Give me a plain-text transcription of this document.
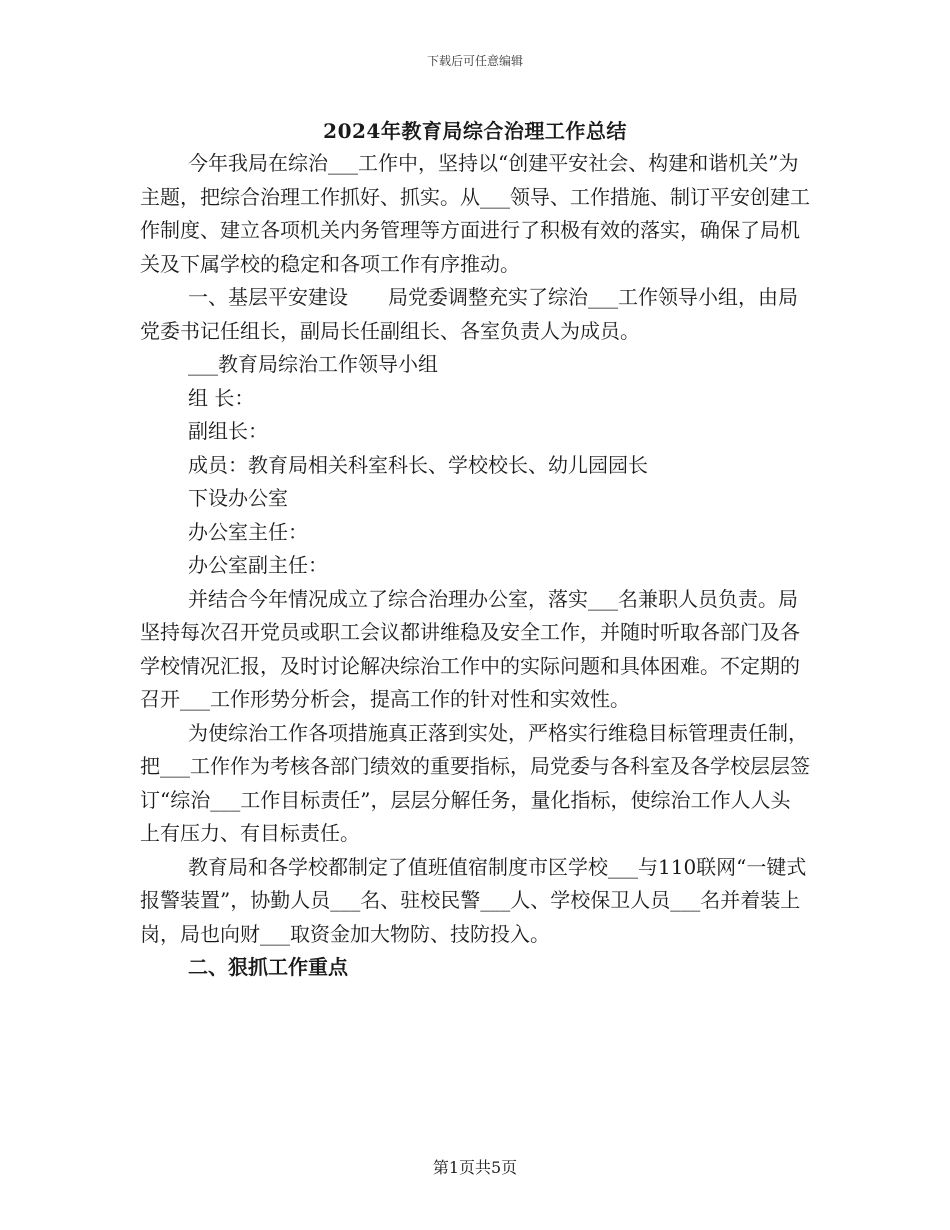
下载后可任意编辑
2024年教育局综合治理工作总结

今年我局在综治___工作中，坚持以“创建平安社会、构建和谐机关”为主题，把综合治理工作抓好、抓实。从___领导、工作措施、制订平安创建工作制度、建立各项机关内务管理等方面进行了积极有效的落实，确保了局机关及下属学校的稳定和各项工作有序推动。

一、基层平安建设　　局党委调整充实了综治___工作领导小组，由局党委书记任组长，副局长任副组长、各室负责人为成员。

___教育局综治工作领导小组

组 长：

副组长：

成员：教育局相关科室科长、学校校长、幼儿园园长

下设办公室

办公室主任：

办公室副主任：

并结合今年情况成立了综合治理办公室，落实___名兼职人员负责。局坚持每次召开党员或职工会议都讲维稳及安全工作，并随时听取各部门及各学校情况汇报，及时讨论解决综治工作中的实际问题和具体困难。不定期的召开___工作形势分析会，提高工作的针对性和实效性。

为使综治工作各项措施真正落到实处，严格实行维稳目标管理责任制，把___工作作为考核各部门绩效的重要指标，局党委与各科室及各学校层层签订“综治___工作目标责任”，层层分解任务，量化指标，使综治工作人人头上有压力、有目标责任。

教育局和各学校都制定了值班值宿制度市区学校___与110联网“一键式报警装置”，协勤人员___名、驻校民警___人、学校保卫人员___名并着装上岗，局也向财___取资金加大物防、技防投入。

二、狠抓工作重点

第1页共5页
